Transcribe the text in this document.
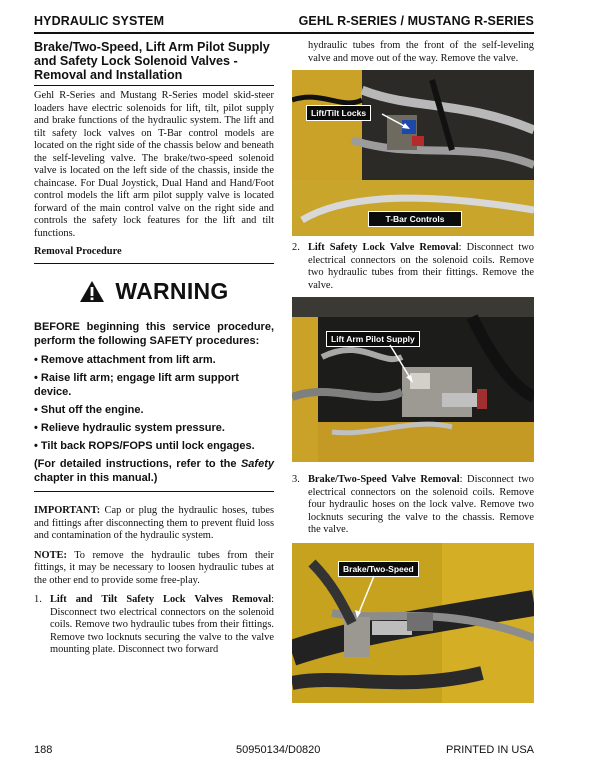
HYDRAULIC SYSTEM	GEHL R-SERIES / MUSTANG R-SERIES
Brake/Two-Speed, Lift Arm Pilot Supply
and Safety Lock Solenoid Valves -
Removal and Installation

Gehl R-Series and Mustang R-Series model skid-steer loaders have electric solenoids for lift, tilt, pilot supply and brake functions of the hydraulic system. The lift and tilt safety lock valves on T-Bar control models are located on the right side of the chassis below and beneath the self-leveling valve. The brake/two-speed solenoid valve is located on the left side of the chassis, inside the chaincase. For Dual Joystick, Dual Hand and Hand/Foot control models the lift arm pilot supply valve is located forward of the main control valve on the right side and controls the safety lock features for the lift and tilt functions.

Removal Procedure
WARNING

BEFORE beginning this service procedure, perform the following SAFETY procedures:

• Remove attachment from lift arm.
• Raise lift arm; engage lift arm support device.
• Shut off the engine.
• Relieve hydraulic system pressure.
• Tilt back ROPS/FOPS until lock engages.

(For detailed instructions, refer to the Safety chapter in this manual.)

IMPORTANT: Cap or plug the hydraulic hoses, tubes and fittings after disconnecting them to prevent fluid loss and contamination of the hydraulic system.

NOTE: To remove the hydraulic tubes from their fittings, it may be necessary to loosen hydraulic tubes at the other end to provide some free-play.

1. Lift and Tilt Safety Lock Valves Removal: Disconnect two electrical connectors on the solenoid coils. Remove two hydraulic tubes from their fittings. Remove two locknuts securing the valve to the valve mounting plate. Disconnect two forward

hydraulic tubes from the front of the self-leveling valve and move out of the way. Remove the valve.

Lift/Tilt Locks
T-Bar Controls

2. Lift Safety Lock Valve Removal: Disconnect two electrical connectors on the solenoid coils. Remove two hydraulic tubes from their fittings. Remove the valve.

Lift Arm Pilot Supply

3. Brake/Two-Speed Valve Removal: Disconnect two electrical connectors on the solenoid coils. Remove four hydraulic hoses on the lock valve. Remove two locknuts securing the valve to the chassis. Remove the valve.

Brake/Two-Speed
188	50950134/D0820	PRINTED IN USA
